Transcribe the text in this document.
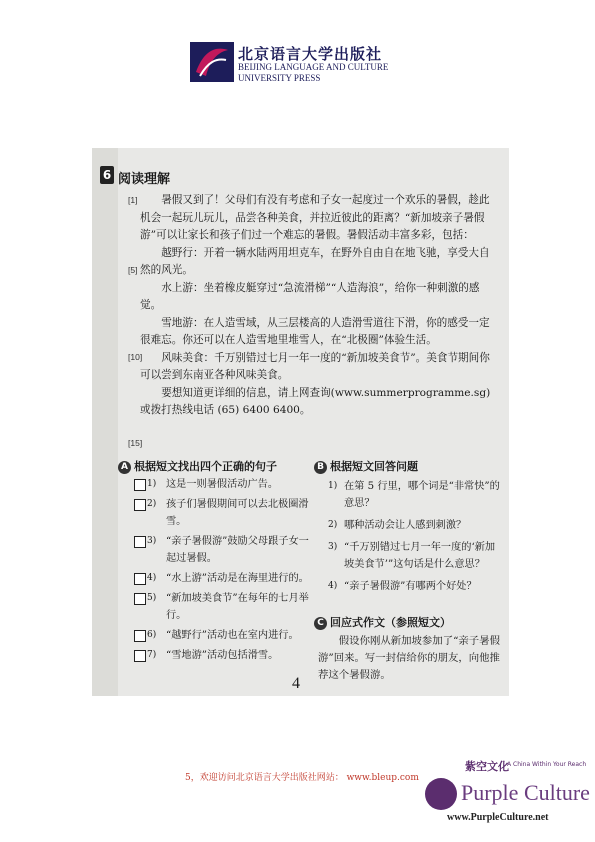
北京语言大学出版社
BEIJING LANGUAGE AND CULTURE
UNIVERSITY PRESS
6 阅读理解
[1]
[5]
[10]
[15]

暑假又到了！父母们有没有考虑和子女一起度过一个欢乐的暑假，趁此机会一起玩儿玩儿，品尝各种美食，并拉近彼此的距离？“新加坡亲子暑假游”可以让家长和孩子们过一个难忘的暑假。暑假活动丰富多彩，包括：

越野行：开着一辆水陆两用坦克车，在野外自由自在地飞驰，享受大自然的风光。

水上游：坐着橡皮艇穿过“急流滑梯”“人造海浪”，给你一种刺激的感觉。

雪地游：在人造雪域，从三层楼高的人造滑雪道往下滑，你的感受一定很难忘。你还可以在人造雪地里堆雪人，在“北极圈”体验生活。

风味美食：千万别错过七月一年一度的“新加坡美食节”。美食节期间你可以尝到东南亚各种风味美食。

要想知道更详细的信息，请上网查询(www.summerprogramme.sg)或拨打热线电话 (65) 6400 6400。

A 根据短文找出四个正确的句子
1) 这是一则暑假活动广告。
2) 孩子们暑假期间可以去北极圈滑雪。
3) “亲子暑假游”鼓励父母跟子女一起过暑假。
4) “水上游”活动是在海里进行的。
5) “新加坡美食节”在每年的七月举行。
6) “越野行”活动也在室内进行。
7) “雪地游”活动包括滑雪。
B 根据短文回答问题
1) 在第 5 行里，哪个词是“非常快”的意思？
2) 哪种活动会让人感到刺激？
3) “千万别错过七月一年一度的‘新加坡美食节’”这句话是什么意思？
4) “亲子暑假游”有哪两个好处？
C 回应式作文（参照短文）
假设你刚从新加坡参加了“亲子暑假游”回来。写一封信给你的朋友，向他推荐这个暑假游。
4
5，欢迎访问北京语言大学出版社网站： www.bleup.com
紫空文化
A China Within Your Reach
Purple Culture
www.PurpleCulture.net
